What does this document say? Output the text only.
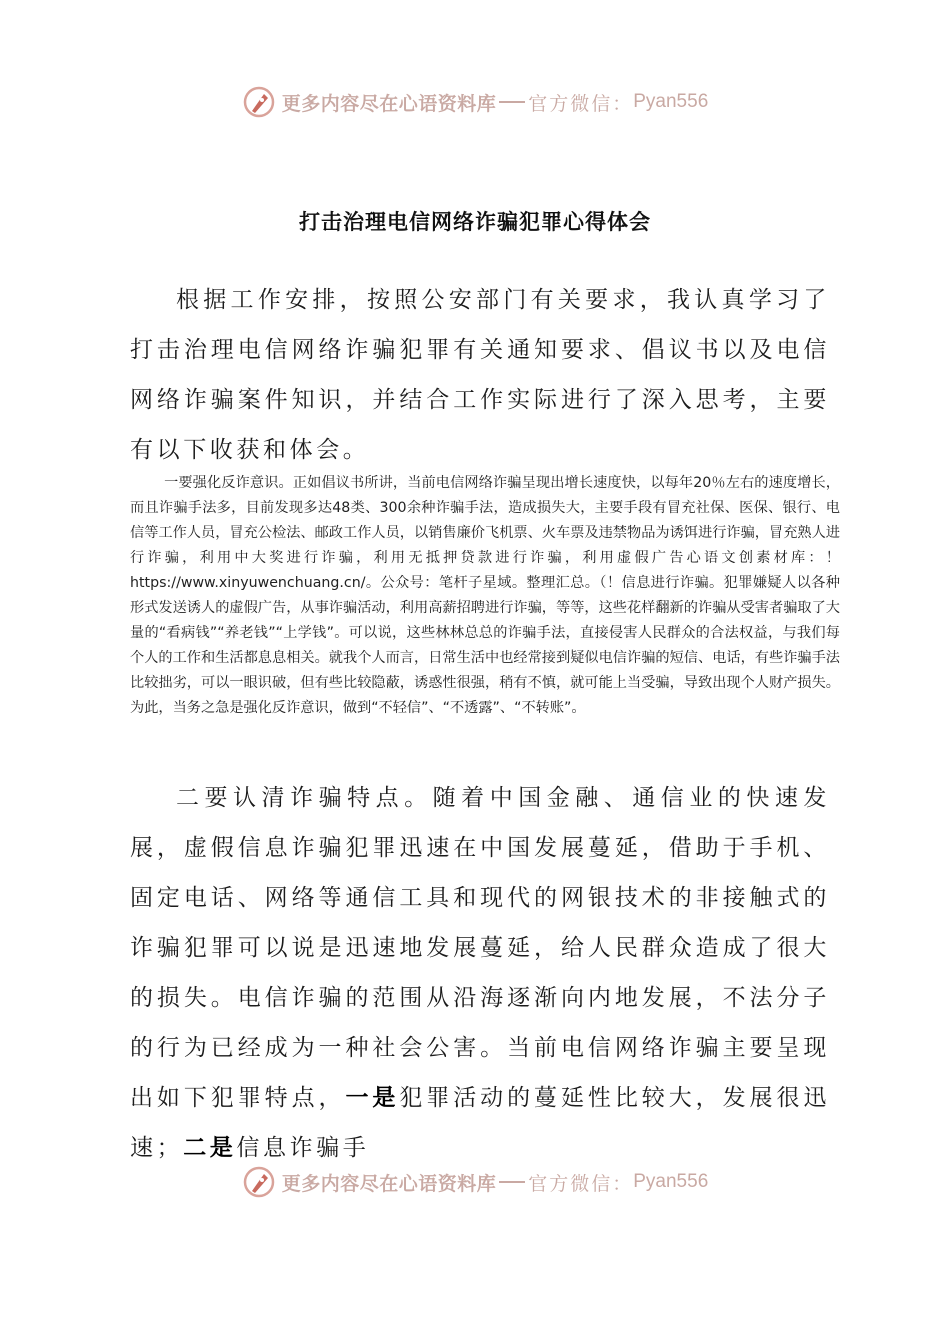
更多内容尽在心语资料库 官方微信： Pyan556
打击治理电信网络诈骗犯罪心得体会

根据工作安排，按照公安部门有关要求，我认真学习了打击治理电信网络诈骗犯罪有关通知要求、倡议书以及电信网络诈骗案件知识，并结合工作实际进行了深入思考，主要有以下收获和体会。

一要强化反诈意识。正如倡议书所讲，当前电信网络诈骗呈现出增长速度快，以每年20％左右的速度增长，而且诈骗手法多，目前发现多达48类、300余种诈骗手法，造成损失大，主要手段有冒充社保、医保、银行、电信等工作人员，冒充公检法、邮政工作人员，以销售廉价飞机票、火车票及违禁物品为诱饵进行诈骗，冒充熟人进行诈骗，利用中大奖进行诈骗，利用无抵押贷款进行诈骗，利用虚假广告心语文创素材库：！https://www.xinyuwenchuang.cn/。公众号：笔杆子星域。整理汇总。（！信息进行诈骗。犯罪嫌疑人以各种形式发送诱人的虚假广告，从事诈骗活动，利用高薪招聘进行诈骗，等等，这些花样翻新的诈骗从受害者骗取了大量的“看病钱”“养老钱”“上学钱”。可以说，这些林林总总的诈骗手法，直接侵害人民群众的合法权益，与我们每个人的工作和生活都息息相关。就我个人而言，日常生活中也经常接到疑似电信诈骗的短信、电话，有些诈骗手法比较拙劣，可以一眼识破，但有些比较隐蔽，诱惑性很强，稍有不慎，就可能上当受骗，导致出现个人财产损失。为此，当务之急是强化反诈意识，做到“不轻信”、“不透露”、“不转账”。

二要认清诈骗特点。随着中国金融、通信业的快速发展，虚假信息诈骗犯罪迅速在中国发展蔓延，借助于手机、固定电话、网络等通信工具和现代的网银技术的非接触式的诈骗犯罪可以说是迅速地发展蔓延，给人民群众造成了很大的损失。电信诈骗的范围从沿海逐渐向内地发展，不法分子的行为已经成为一种社会公害。当前电信网络诈骗主要呈现出如下犯罪特点，一是犯罪活动的蔓延性比较大，发展很迅速；二是信息诈骗手

更多内容尽在心语资料库 官方微信： Pyan556
